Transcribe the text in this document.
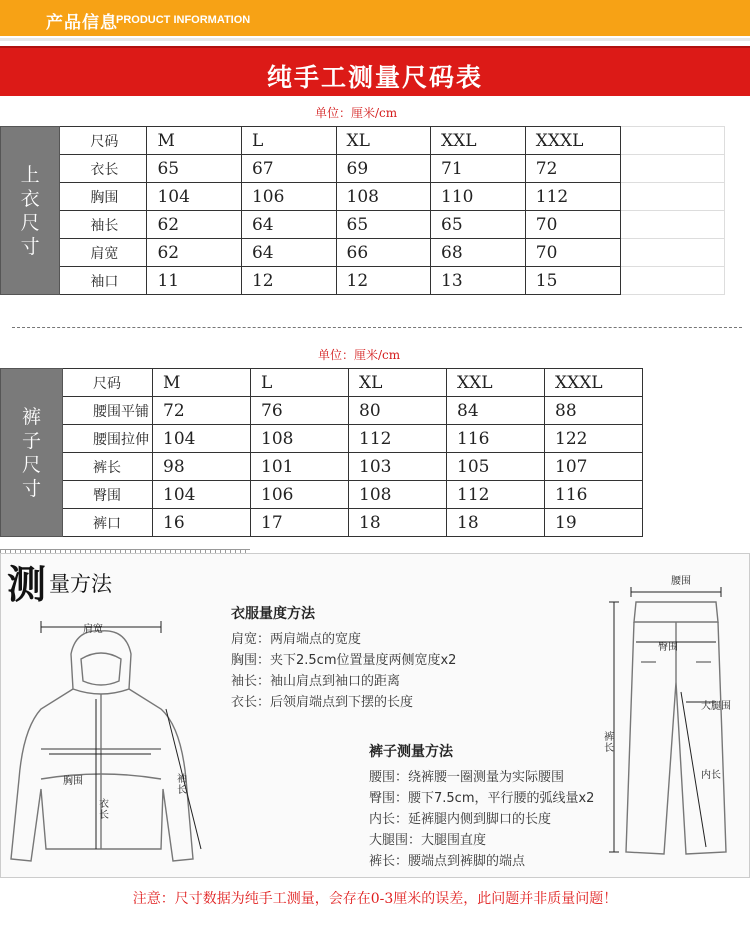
产品信息
PRODUCT INFORMATION
纯手工测量尺码表
单位：厘米/cm
上
衣
尺
寸	尺码	M	L	XL	XXL	XXXL	
	衣长	65	67	69	71	72	
	胸围	104	106	108	110	112	
	袖长	62	64	65	65	70	
	肩宽	62	64	66	68	70	
	袖口	11	12	12	13	15	
单位：厘米/cm
裤
子
尺
寸	尺码	M	L	XL	XXL	XXXL
	腰围平铺	72	76	80	84	88
	腰围拉伸	104	108	112	116	122
	裤长	98	101	103	105	107
	臀围	104	106	108	112	116
	裤口	16	17	18	18	19
测 量方法
肩宽
胸围
衣长
袖长
衣服量度方法
肩宽：两肩端点的宽度
胸围：夹下2.5cm位置量度两侧宽度x2
袖长：袖山肩点到袖口的距离
衣长：后领肩端点到下摆的长度
裤子测量方法
腰围：绕裤腰一圈测量为实际腰围
臀围：腰下7.5cm，平行腰的弧线量x2
内长：延裤腿内侧到脚口的长度
大腿围：大腿围直度
裤长：腰端点到裤脚的端点
腰围
臀围
大腿围
裤长
内长
注意：尺寸数据为纯手工测量，会存在0-3厘米的误差，此问题并非质量问题！
